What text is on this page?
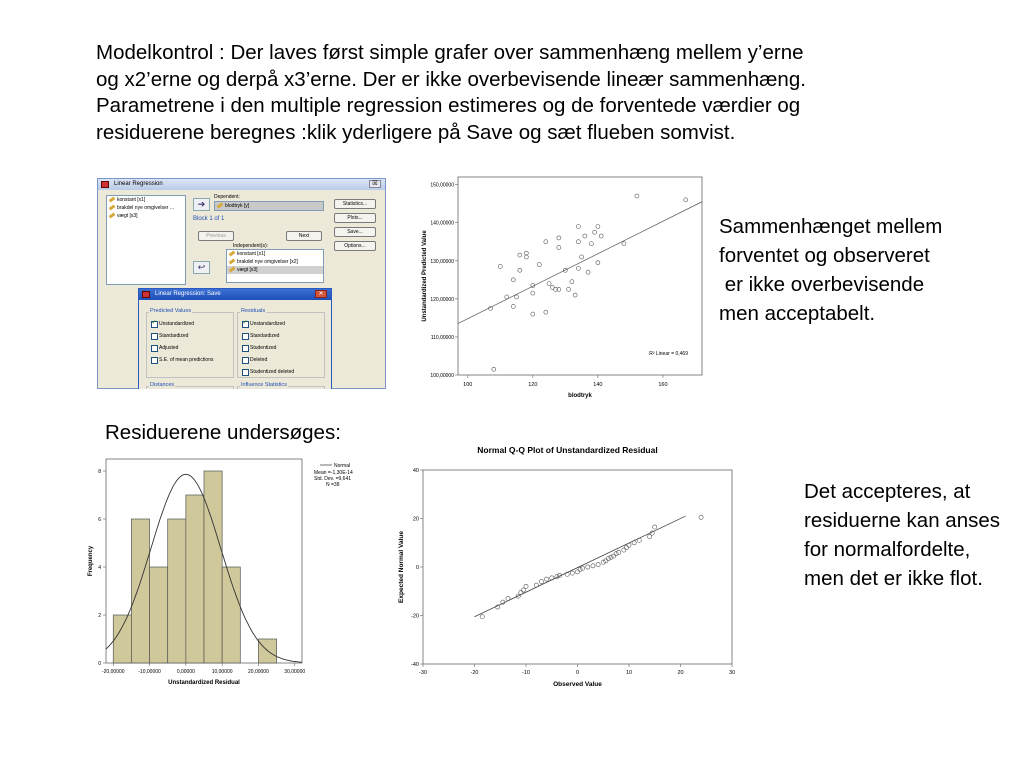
Modelkontrol : Der laves først simple grafer over sammenhæng mellem y’erne
og x2’erne og derpå x3’erne. Der er ikke overbevisende lineær sammenhæng.
Parametrene i den multiple regression estimeres og de forventede værdier og
residuerene beregnes :klik yderligere på Save og sæt flueben somvist.
Linear Regression	☒
konstant [x1]
brakdel nye omgivelser ...
vægt [x3]
➔
Dependent:
blodtryk [y]
Block 1 of 1
Previous	Next
Independent(s):
↩
konstant [x1]
brakdel nye omgivelser [x2]
vægt [x3]
Statistics...
Plots...
Save...
Options...
Linear Regression: Save	✕
Predicted Values
Unstandardized ✓
Standardized
Adjusted
S.E. of mean predictions
Residuals
Unstandardized ✓
Standardized
Studentized
Deleted
Studentized deleted
Distances	Influence Statistics	100	120	140	160
100,00000
110,00000
120,00000
130,00000
140,00000
150,00000
blodtryk
Unstandardized Predicted Value
R² Linear = 0,469
Sammenhænget mellem
forventet og observeret
er ikke overbevisende
men acceptabelt.
Residuerene undersøges:
-20,00000	-10,00000	0,00000	10,00000	20,00000	30,00000
0
2
4
6
8
Unstandardized Residual
Frequency
Normal
Mean =-1,30E-14
Std. Dev. =9,641
N =38
Normal Q-Q Plot of Unstandardized Residual
-30	-20	-10	0	10	20	30
-40
-20
0
20
40
Observed Value
Expected Normal Value
Det accepteres, at
residuerne kan anses
for normalfordelte,
men det er ikke flot.
